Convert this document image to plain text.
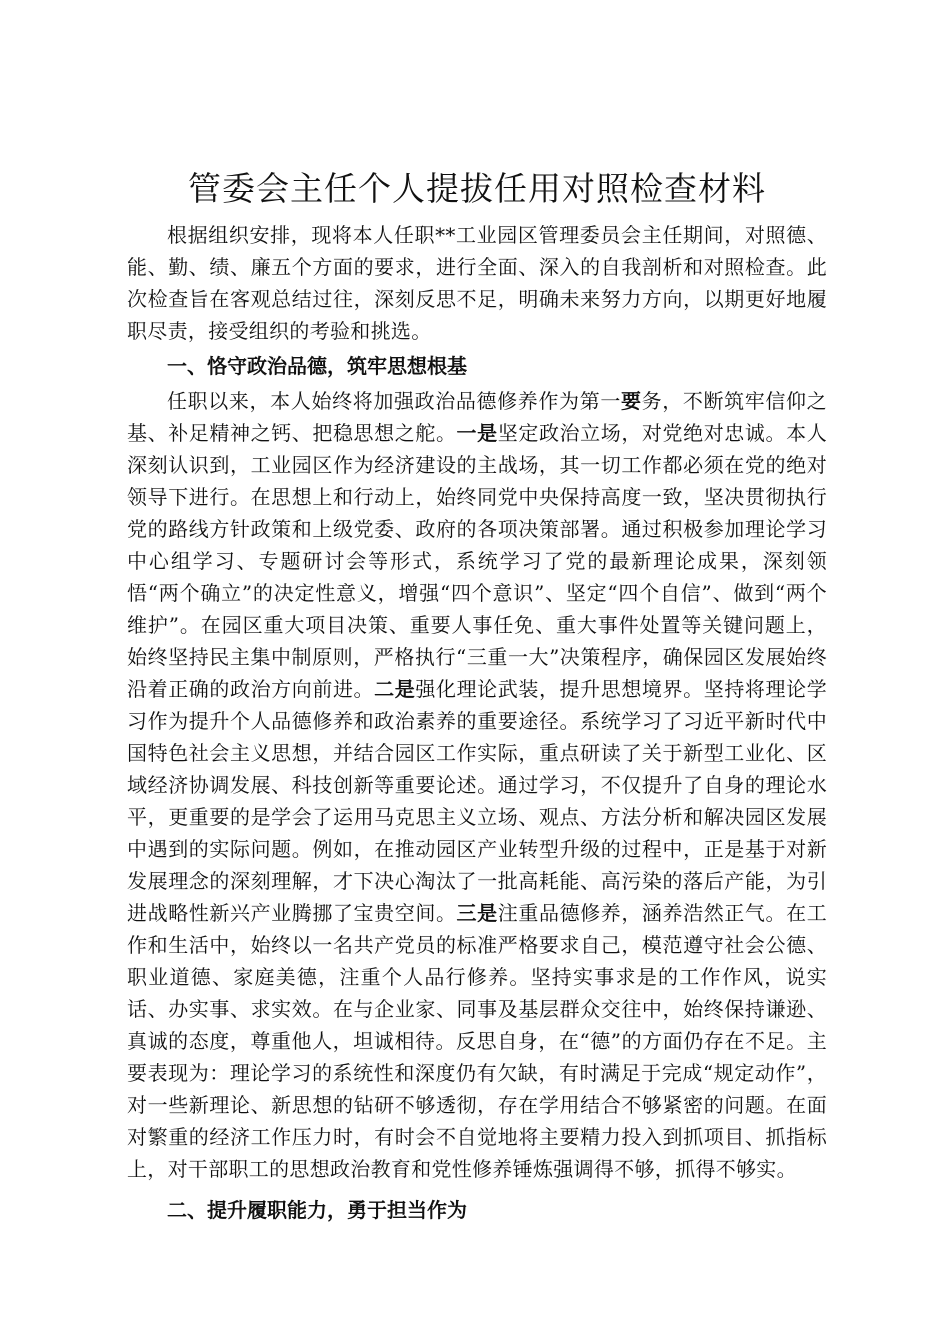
管委会主任个人提拔任用对照检查材料

根据组织安排，现将本人任职**工业园区管理委员会主任期间，对照德、能、勤、绩、廉五个方面的要求，进行全面、深入的自我剖析和对照检查。此次检查旨在客观总结过往，深刻反思不足，明确未来努力方向，以期更好地履职尽责，接受组织的考验和挑选。

一、恪守政治品德，筑牢思想根基

任职以来，本人始终将加强政治品德修养作为第一要务，不断筑牢信仰之基、补足精神之钙、把稳思想之舵。一是坚定政治立场，对党绝对忠诚。本人深刻认识到，工业园区作为经济建设的主战场，其一切工作都必须在党的绝对领导下进行。在思想上和行动上，始终同党中央保持高度一致，坚决贯彻执行党的路线方针政策和上级党委、政府的各项决策部署。通过积极参加理论学习中心组学习、专题研讨会等形式，系统学习了党的最新理论成果，深刻领悟“两个确立”的决定性意义，增强“四个意识”、坚定“四个自信”、做到“两个维护”。在园区重大项目决策、重要人事任免、重大事件处置等关键问题上，始终坚持民主集中制原则，严格执行“三重一大”决策程序，确保园区发展始终沿着正确的政治方向前进。二是强化理论武装，提升思想境界。坚持将理论学习作为提升个人品德修养和政治素养的重要途径。系统学习了习近平新时代中国特色社会主义思想，并结合园区工作实际，重点研读了关于新型工业化、区域经济协调发展、科技创新等重要论述。通过学习，不仅提升了自身的理论水平，更重要的是学会了运用马克思主义立场、观点、方法分析和解决园区发展中遇到的实际问题。例如，在推动园区产业转型升级的过程中，正是基于对新发展理念的深刻理解，才下决心淘汰了一批高耗能、高污染的落后产能，为引进战略性新兴产业腾挪了宝贵空间。三是注重品德修养，涵养浩然正气。在工作和生活中，始终以一名共产党员的标准严格要求自己，模范遵守社会公德、职业道德、家庭美德，注重个人品行修养。坚持实事求是的工作作风，说实话、办实事、求实效。在与企业家、同事及基层群众交往中，始终保持谦逊、真诚的态度，尊重他人，坦诚相待。反思自身，在“德”的方面仍存在不足。主要表现为：理论学习的系统性和深度仍有欠缺，有时满足于完成“规定动作”，对一些新理论、新思想的钻研不够透彻，存在学用结合不够紧密的问题。在面对繁重的经济工作压力时，有时会不自觉地将主要精力投入到抓项目、抓指标上，对干部职工的思想政治教育和党性修养锤炼强调得不够，抓得不够实。

二、提升履职能力，勇于担当作为
